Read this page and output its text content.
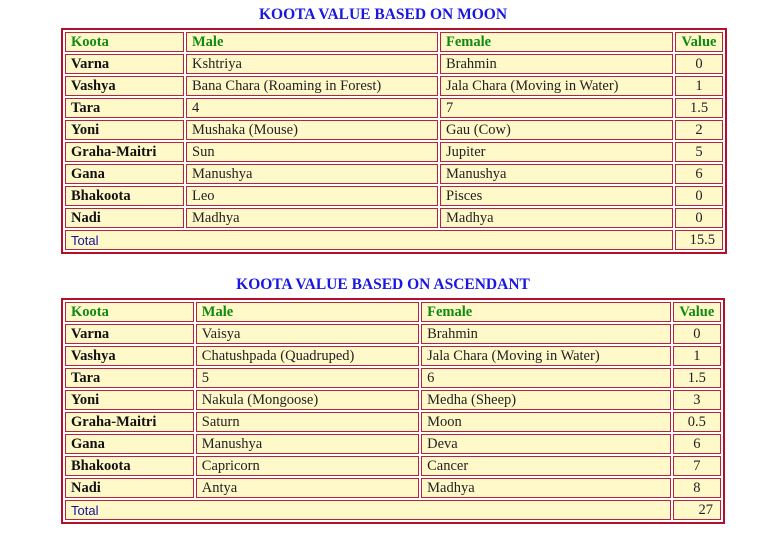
KOOTA VALUE BASED ON MOON
Koota	Male	Female	Value
Varna	Kshtriya	Brahmin	0
Vashya	Bana Chara (Roaming in Forest)	Jala Chara (Moving in Water)	1
Tara	4	7	1.5
Yoni	Mushaka (Mouse)	Gau (Cow)	2
Graha-Maitri	Sun	Jupiter	5
Gana	Manushya	Manushya	6
Bhakoota	Leo	Pisces	0
Nadi	Madhya	Madhya	0
Total			15.5
KOOTA VALUE BASED ON ASCENDANT
Koota	Male	Female	Value
Varna	Vaisya	Brahmin	0
Vashya	Chatushpada (Quadruped)	Jala Chara (Moving in Water)	1
Tara	5	6	1.5
Yoni	Nakula (Mongoose)	Medha (Sheep)	3
Graha-Maitri	Saturn	Moon	0.5
Gana	Manushya	Deva	6
Bhakoota	Capricorn	Cancer	7
Nadi	Antya	Madhya	8
Total			27
